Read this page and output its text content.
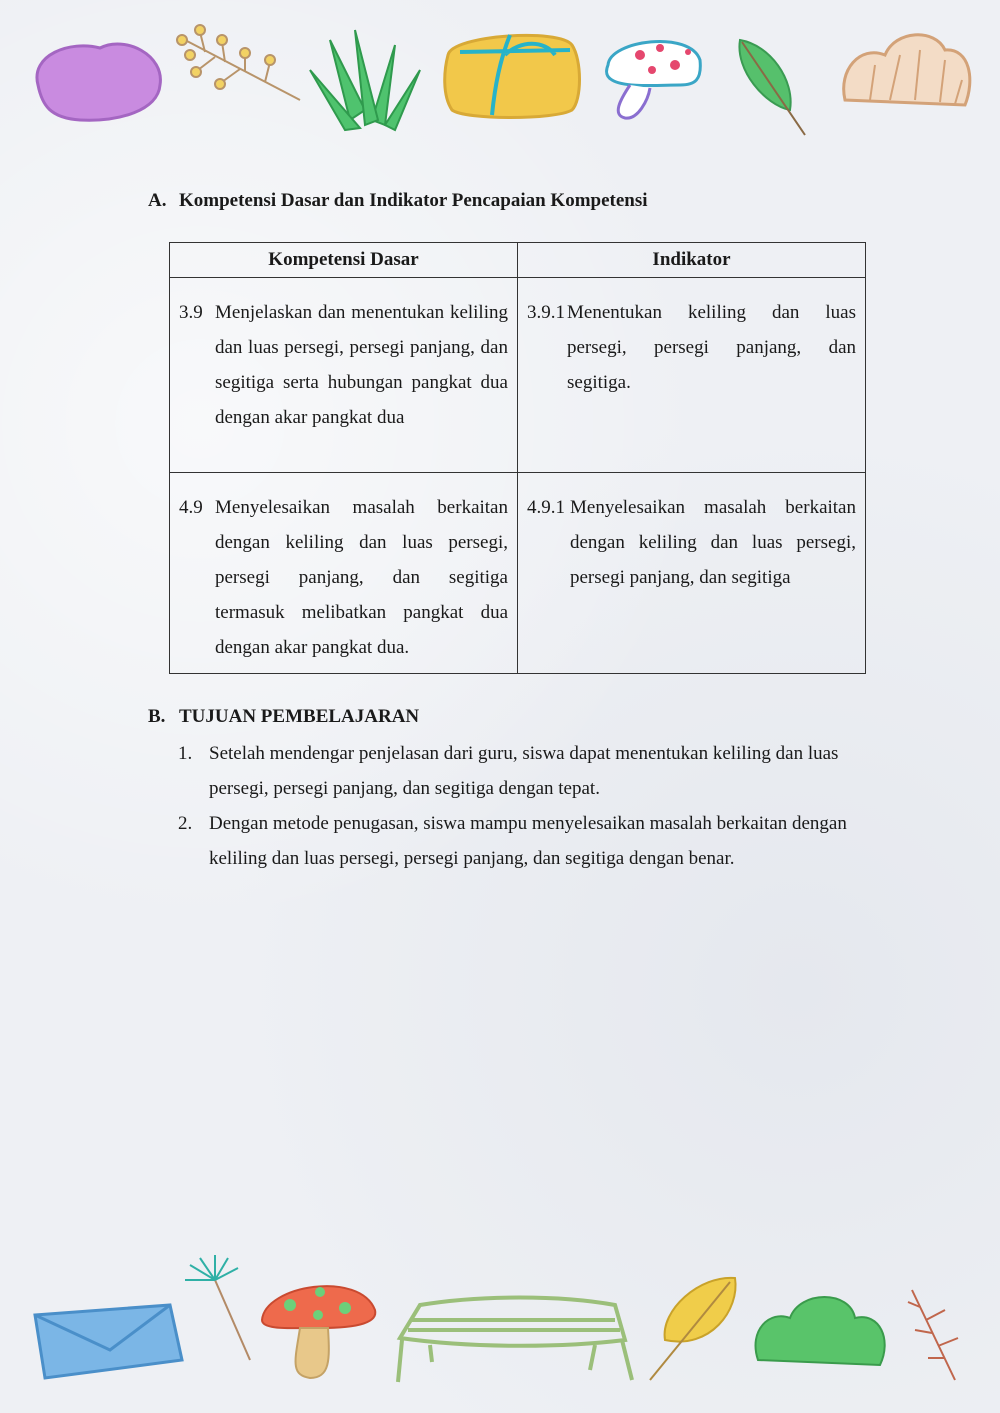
A. Kompetensi Dasar dan Indikator Pencapaian Kompetensi
Kompetensi Dasar	Indikator

3.9 Menjelaskan dan menentukan keliling dan luas persegi, persegi panjang, dan segitiga serta hubungan pangkat dua dengan akar pangkat dua	3.9.1 Menentukan keliling dan luas persegi, persegi panjang, dan segitiga.

4.9 Menyelesaikan masalah berkaitan dengan keliling dan luas persegi, persegi panjang, dan segitiga termasuk melibatkan pangkat dua dengan akar pangkat dua.	4.9.1 Menyelesaikan masalah berkaitan dengan keliling dan luas persegi, persegi panjang, dan segitiga
B. TUJUAN PEMBELAJARAN
1. Setelah mendengar penjelasan dari guru, siswa dapat menentukan keliling dan luas persegi, persegi panjang, dan segitiga dengan tepat.
2. Dengan metode penugasan, siswa mampu menyelesaikan masalah berkaitan dengan keliling dan luas persegi, persegi panjang, dan segitiga dengan benar.
